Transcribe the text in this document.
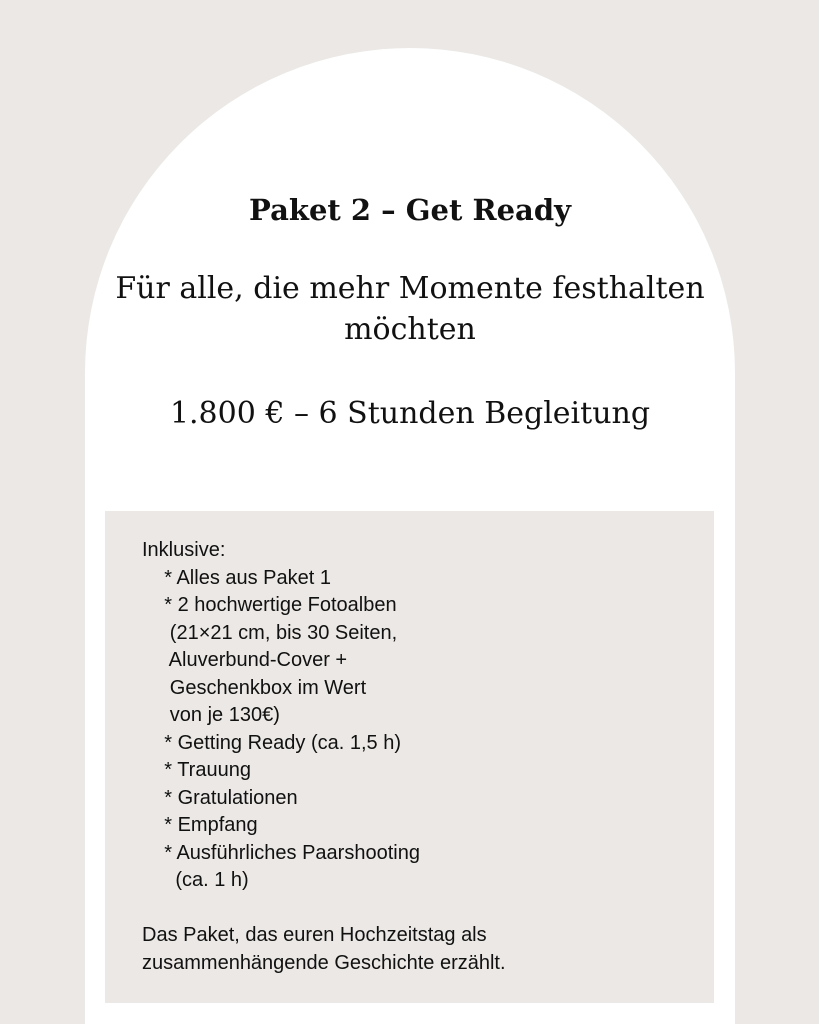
Paket 2 – Get Ready

Für alle, die mehr Momente festhalten möchten

1.800 € – 6 Stunden Begleitung

Inklusive:

* Alles aus Paket 1

* 2 hochwertige Fotoalben

(21×21 cm, bis 30 Seiten,

Aluverbund-Cover +

Geschenkbox im Wert

von je 130€)

* Getting Ready (ca. 1,5 h)

* Trauung

* Gratulationen

* Empfang

* Ausführliches Paarshooting

(ca. 1 h)

Das Paket, das euren Hochzeitstag als

zusammenhängende Geschichte erzählt.
